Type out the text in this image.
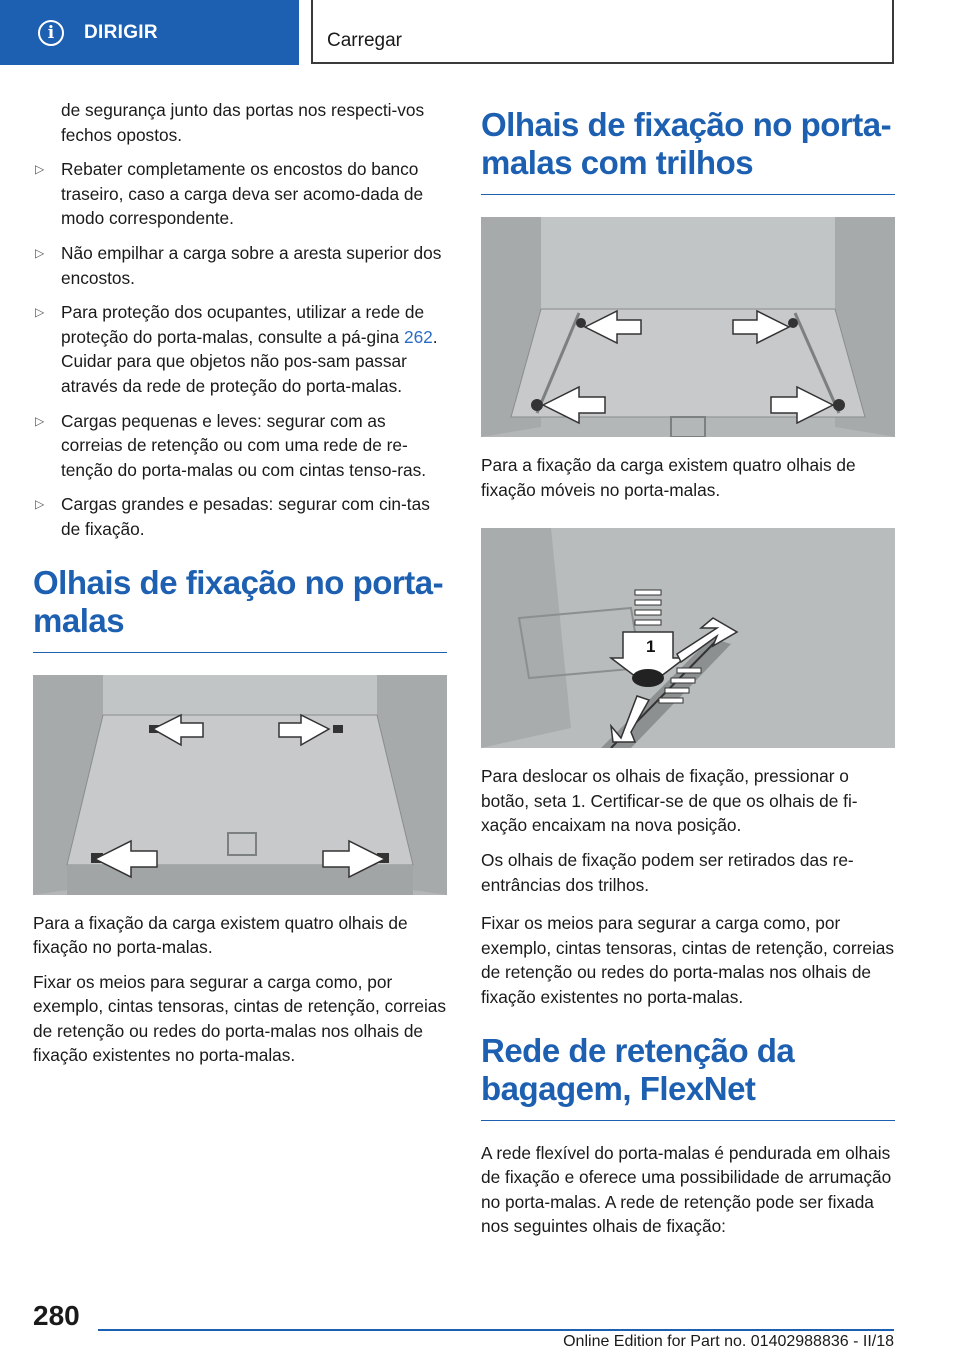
i	DIRIGIR	Carregar

de segurança junto das portas nos respecti-vos fechos opostos.

▷ Rebater completamente os encostos do banco traseiro, caso a carga deva ser acomo-dada de modo correspondente.
▷ Não empilhar a carga sobre a aresta superior dos encostos.
▷ Para proteção dos ocupantes, utilizar a rede de proteção do porta-malas, consulte a pá-gina 262. Cuidar para que objetos não pos-sam passar através da rede de proteção do porta-malas.
▷ Cargas pequenas e leves: segurar com as correias de retenção ou com uma rede de re-tenção do porta-malas ou com cintas tenso-ras.
▷ Cargas grandes e pesadas: segurar com cin-tas de fixação.
Olhais de fixação no porta-malas

Para a fixação da carga existem quatro olhais de fixação no porta-malas.

Fixar os meios para segurar a carga como, por exemplo, cintas tensoras, cintas de retenção, correias de retenção ou redes do porta-malas nos olhais de fixação existentes no porta-malas.

Olhais de fixação no porta-malas com trilhos

Para a fixação da carga existem quatro olhais de fixação móveis no porta-malas.

1

Para deslocar os olhais de fixação, pressionar o botão, seta 1. Certificar-se de que os olhais de fi-xação encaixam na nova posição.

Os olhais de fixação podem ser retirados das re-entrâncias dos trilhos.

Fixar os meios para segurar a carga como, por exemplo, cintas tensoras, cintas de retenção, correias de retenção ou redes do porta-malas nos olhais de fixação existentes no porta-malas.

Rede de retenção da bagagem, FlexNet

A rede flexível do porta-malas é pendurada em olhais de fixação e oferece uma possibilidade de arrumação no porta-malas. A rede de retenção pode ser fixada nos seguintes olhais de fixação:

280
Online Edition for Part no. 01402988836 - II/18
